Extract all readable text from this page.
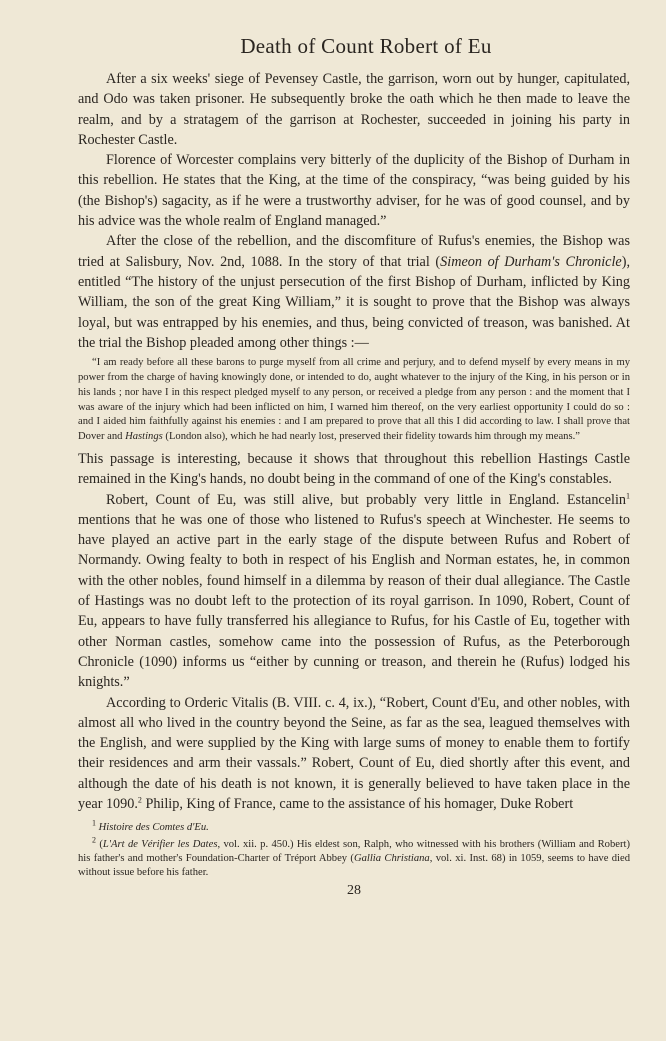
Death of Count Robert of Eu

After a six weeks' siege of Pevensey Castle, the garrison, worn out by hunger, capitulated, and Odo was taken prisoner. He subsequently broke the oath which he then made to leave the realm, and by a stratagem of the garrison at Rochester, succeeded in joining his party in Rochester Castle.

Florence of Worcester complains very bitterly of the duplicity of the Bishop of Durham in this rebellion. He states that the King, at the time of the conspiracy, “was being guided by his (the Bishop's) sagacity, as if he were a trustworthy adviser, for he was of good counsel, and by his advice was the whole realm of England managed.”

After the close of the rebellion, and the discomfiture of Rufus's enemies, the Bishop was tried at Salisbury, Nov. 2nd, 1088. In the story of that trial (Simeon of Durham's Chronicle), entitled “The history of the unjust persecution of the first Bishop of Durham, inflicted by King William, the son of the great King William,” it is sought to prove that the Bishop was always loyal, but was entrapped by his enemies, and thus, being convicted of treason, was banished. At the trial the Bishop pleaded among other things :—

“I am ready before all these barons to purge myself from all crime and perjury, and to defend myself by every means in my power from the charge of having knowingly done, or intended to do, aught whatever to the injury of the King, in his person or in his lands ; nor have I in this respect pledged myself to any person, or received a pledge from any person : and the moment that I was aware of the injury which had been inflicted on him, I warned him thereof, on the very earliest opportunity I could do so : and I aided him faithfully against his enemies : and I am prepared to prove that all this I did according to law. I shall prove that Dover and Hastings (London also), which he had nearly lost, preserved their fidelity towards him through my means.”

This passage is interesting, because it shows that throughout this rebellion Hastings Castle remained in the King's hands, no doubt being in the command of one of the King's constables.

Robert, Count of Eu, was still alive, but probably very little in England. Estancelin$^1$ mentions that he was one of those who listened to Rufus's speech at Winchester. He seems to have played an active part in the early stage of the dispute between Rufus and Robert of Normandy. Owing fealty to both in respect of his English and Norman estates, he, in common with the other nobles, found himself in a dilemma by reason of their dual allegiance. The Castle of Hastings was no doubt left to the protection of its royal garrison. In 1090, Robert, Count of Eu, appears to have fully transferred his allegiance to Rufus, for his Castle of Eu, together with other Norman castles, somehow came into the possession of Rufus, as the Peterborough Chronicle (1090) informs us “either by cunning or treason, and therein he (Rufus) lodged his knights.”

According to Orderic Vitalis (B. VIII. c. 4, ix.), “Robert, Count d'Eu, and other nobles, with almost all who lived in the country beyond the Seine, as far as the sea, leagued themselves with the English, and were supplied by the King with large sums of money to enable them to fortify their residences and arm their vassals.” Robert, Count of Eu, died shortly after this event, and although the date of his death is not known, it is generally believed to have taken place in the year 1090.$^2$ Philip, King of France, came to the assistance of his homager, Duke Robert

$^1$ Histoire des Comtes d'Eu.

$^2$ (L'Art de Vérifier les Dates, vol. xii. p. 450.) His eldest son, Ralph, who witnessed with his brothers (William and Robert) his father's and mother's Foundation-Charter of Tréport Abbey (Gallia Christiana, vol. xi. Inst. 68) in 1059, seems to have died without issue before his father.

28
